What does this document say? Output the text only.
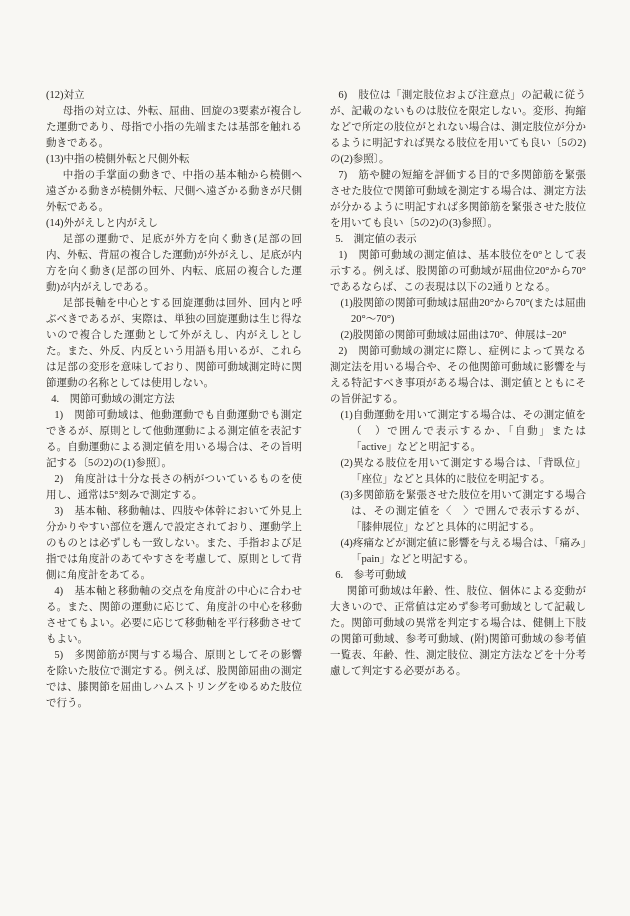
(12)対立

母指の対立は、外転、屈曲、回旋の3要素が複合した運動であり、母指で小指の先端または基部を触れる動きである。

(13)中指の橈側外転と尺側外転

中指の手掌面の動きで、中指の基本軸から橈側へ遠ざかる動きが橈側外転、尺側へ遠ざかる動きが尺側外転である。

(14)外がえしと内がえし

足部の運動で、足底が外方を向く動き(足部の回内、外転、背屈の複合した運動)が外がえし、足底が内方を向く動き(足部の回外、内転、底屈の複合した運動)が内がえしである。

足部長軸を中心とする回旋運動は回外、回内と呼ぶべきであるが、実際は、単独の回旋運動は生じ得ないので複合した運動として外がえし、内がえしとした。また、外反、内反という用語も用いるが、これらは足部の変形を意味しており、関節可動域測定時に関節運動の名称としては使用しない。

4.　関節可動域の測定方法

1)　関節可動域は、他動運動でも自動運動でも測定できるが、原則として他動運動による測定値を表記する。自動運動による測定値を用いる場合は、その旨明記する〔5の2)の(1)参照〕。

2)　角度計は十分な長さの柄がついているものを使用し、通常は5°刻みで測定する。

3)　基本軸、移動軸は、四肢や体幹において外見上分かりやすい部位を選んで設定されており、運動学上のものとは必ずしも一致しない。また、手指および足指では角度計のあてやすさを考慮して、原則として背側に角度計をあてる。

4)　基本軸と移動軸の交点を角度計の中心に合わせる。また、関節の運動に応じて、角度計の中心を移動させてもよい。必要に応じて移動軸を平行移動させてもよい。

5)　多関節筋が関与する場合、原則としてその影響を除いた肢位で測定する。例えば、股関節屈曲の測定では、膝関節を屈曲しハムストリングをゆるめた肢位で行う。

6)　肢位は「測定肢位および注意点」の記載に従うが、記載のないものは肢位を限定しない。変形、拘縮などで所定の肢位がとれない場合は、測定肢位が分かるように明記すれば異なる肢位を用いても良い〔5の2)の(2)参照〕。

7)　筋や腱の短縮を評価する目的で多関節筋を緊張させた肢位で関節可動域を測定する場合は、測定方法が分かるように明記すれば多関節筋を緊張させた肢位を用いても良い〔5の2)の(3)参照〕。

5.　測定値の表示

1)　関節可動域の測定値は、基本肢位を0°として表示する。例えば、股関節の可動域が屈曲位20°から70°であるならば、この表現は以下の2通りとなる。

(1)股関節の関節可動域は屈曲20°から70°(または屈曲20°〜70°)

(2)股関節の関節可動域は屈曲は70°、伸展は−20°

2)　関節可動域の測定に際し、症例によって異なる測定法を用いる場合や、その他関節可動域に影響を与える特記すべき事項がある場合は、測定値とともにその旨併記する。

(1)自動運動を用いて測定する場合は、その測定値を（　）で囲んで表示するか、「自動」または「active」などと明記する。

(2)異なる肢位を用いて測定する場合は、「背臥位」「座位」などと具体的に肢位を明記する。

(3)多関節筋を緊張させた肢位を用いて測定する場合は、その測定値を〈　〉で囲んで表示するが、「膝伸展位」などと具体的に明記する。

(4)疼痛などが測定値に影響を与える場合は、「痛み」「pain」などと明記する。

6.　参考可動域

関節可動域は年齢、性、肢位、個体による変動が大きいので、正常値は定めず参考可動域として記載した。関節可動域の異常を判定する場合は、健側上下肢の関節可動域、参考可動域、(附)関節可動域の参考値一覧表、年齢、性、測定肢位、測定方法などを十分考慮して判定する必要がある。
